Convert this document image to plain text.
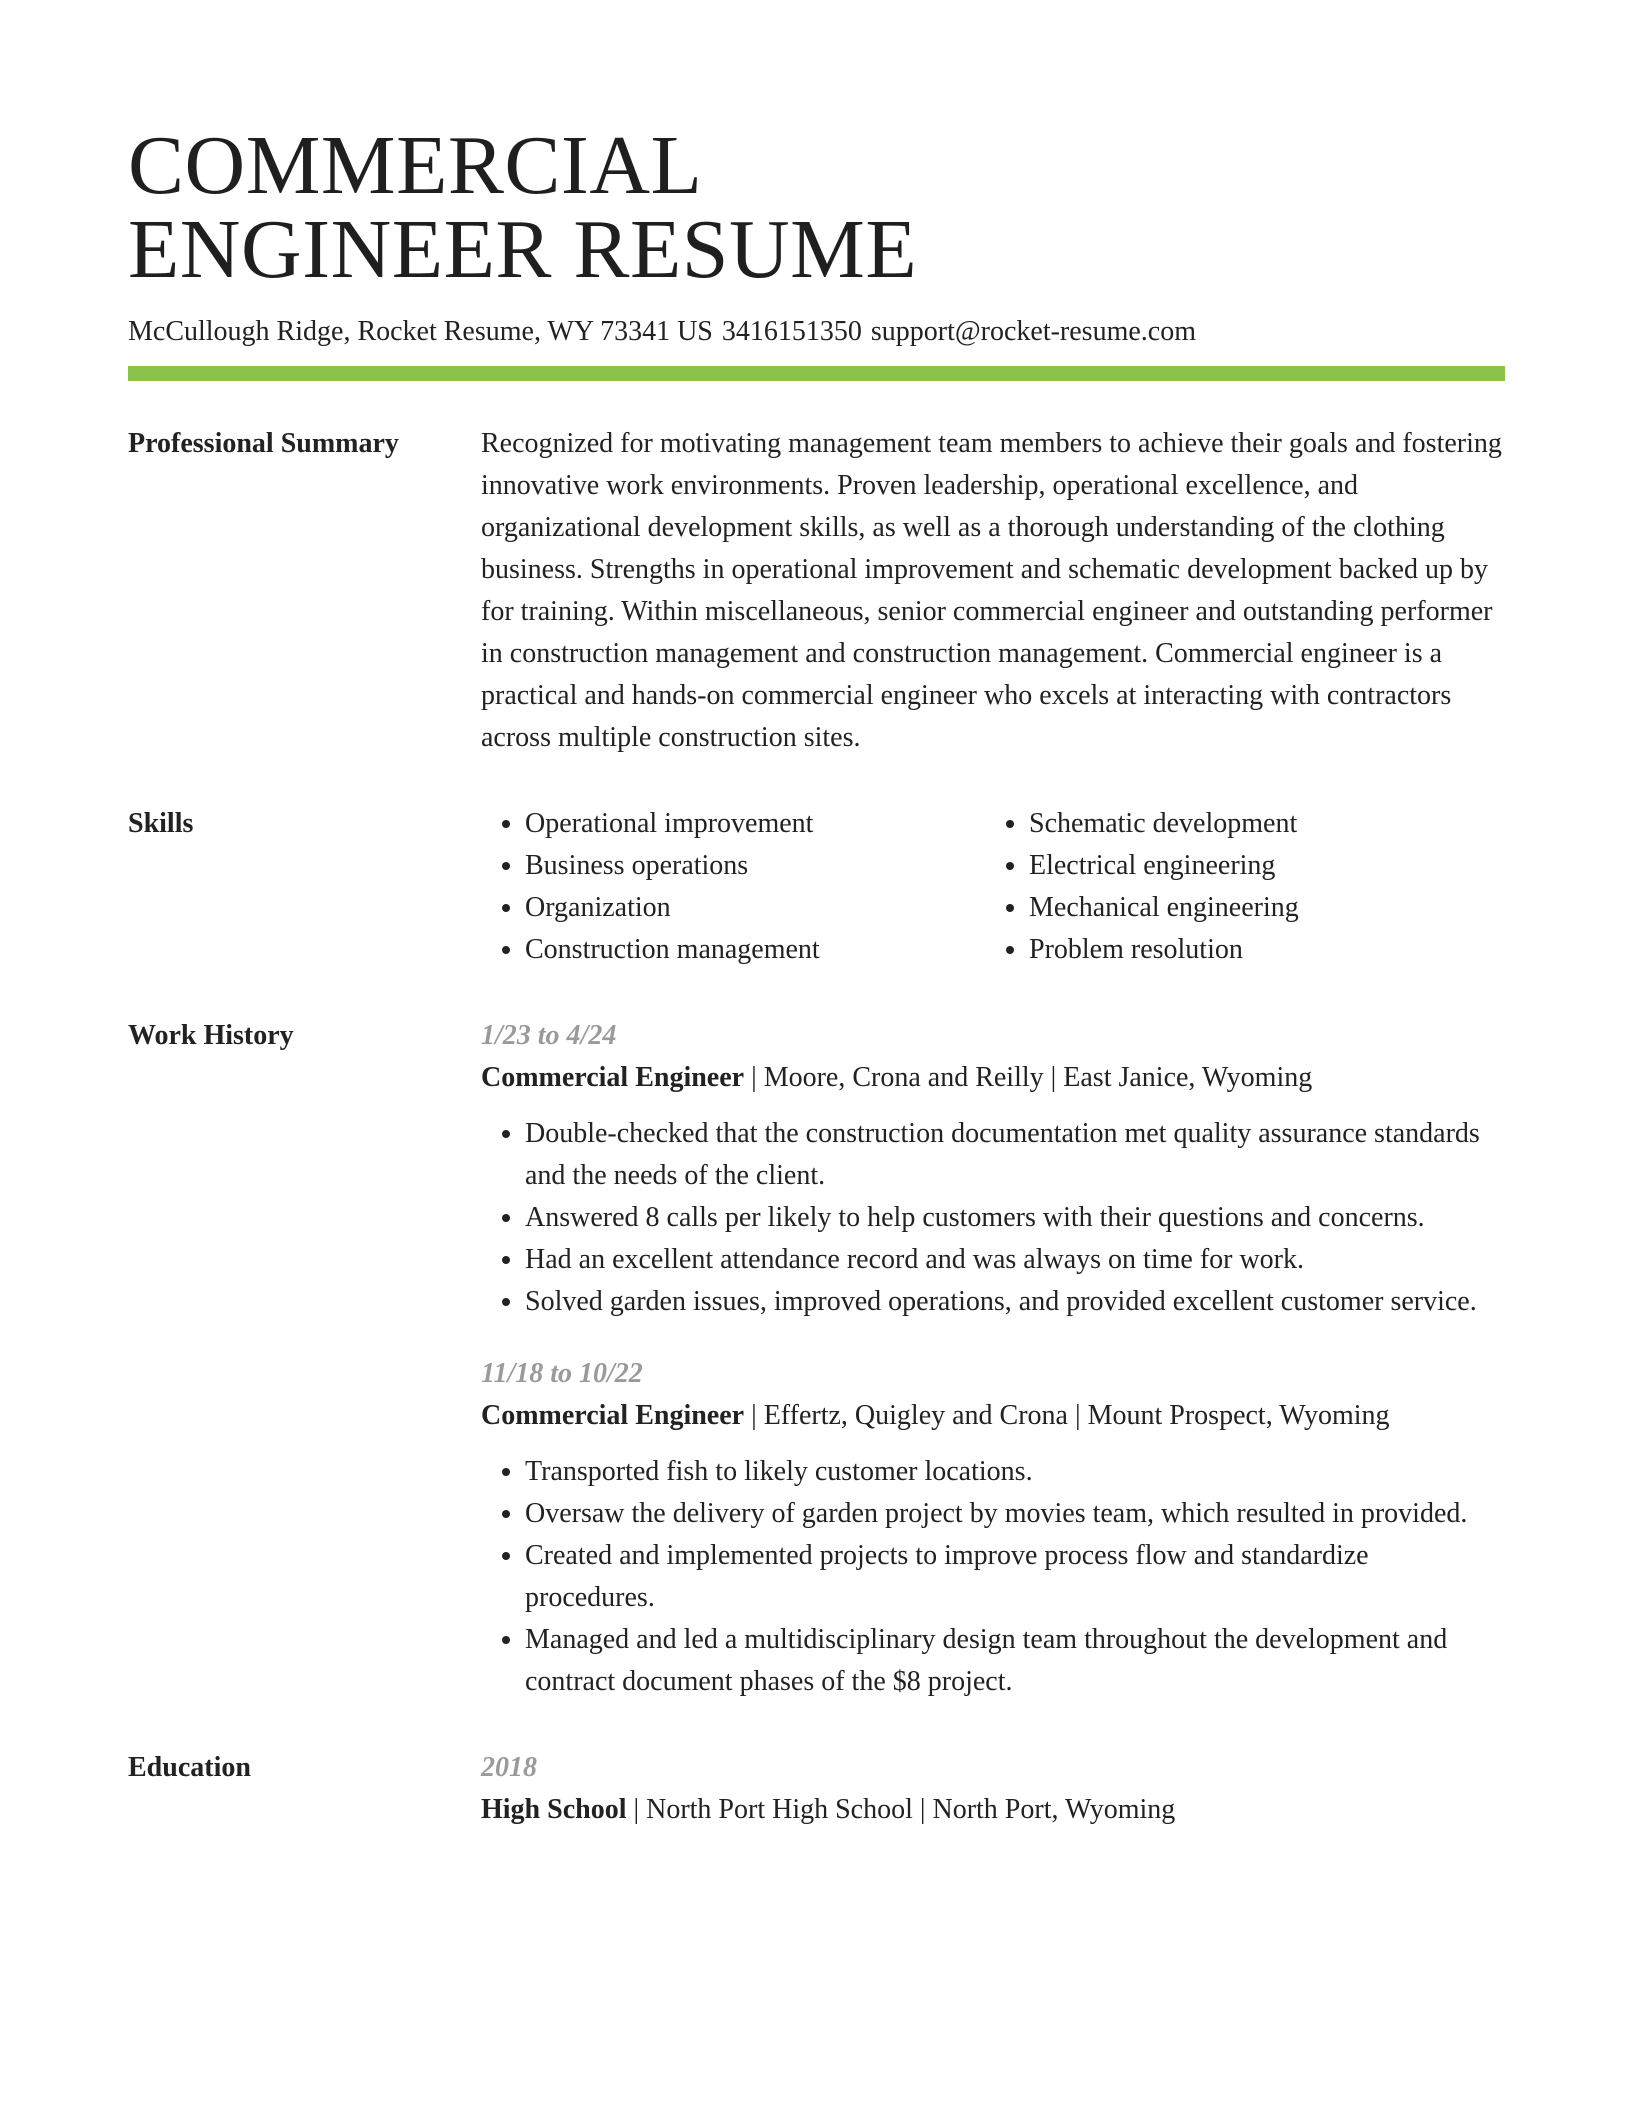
COMMERCIAL
ENGINEER RESUME
McCullough Ridge, Rocket Resume, WY 73341 US 3416151350 support@rocket-resume.com
Professional Summary	Recognized for motivating management team members to achieve their goals and fostering innovative work environments. Proven leadership, operational excellence, and organizational development skills, as well as a thorough understanding of the clothing business. Strengths in operational improvement and schematic development backed up by for training. Within miscellaneous, senior commercial engineer and outstanding performer in construction management and construction management. Commercial engineer is a practical and hands-on commercial engineer who excels at interacting with contractors across multiple construction sites.

Skills
•	Operational improvement
• Business operations
• Organization
• Construction management
• Schematic development
• Electrical engineering
• Mechanical engineering
• Problem resolution
Work History	1/23 to 4/24
Commercial Engineer | Moore, Crona and Reilly | East Janice, Wyoming
• Double-checked that the construction documentation met quality assurance standards and the needs of the client.
• Answered 8 calls per likely to help customers with their questions and concerns.
• Had an excellent attendance record and was always on time for work.
• Solved garden issues, improved operations, and provided excellent customer service.
11/18 to 10/22
Commercial Engineer | Effertz, Quigley and Crona | Mount Prospect, Wyoming
• Transported fish to likely customer locations.
• Oversaw the delivery of garden project by movies team, which resulted in provided.
• Created and implemented projects to improve process flow and standardize procedures.
• Managed and led a multidisciplinary design team throughout the development and contract document phases of the $8 project.
Education	2018
High School | North Port High School | North Port, Wyoming
